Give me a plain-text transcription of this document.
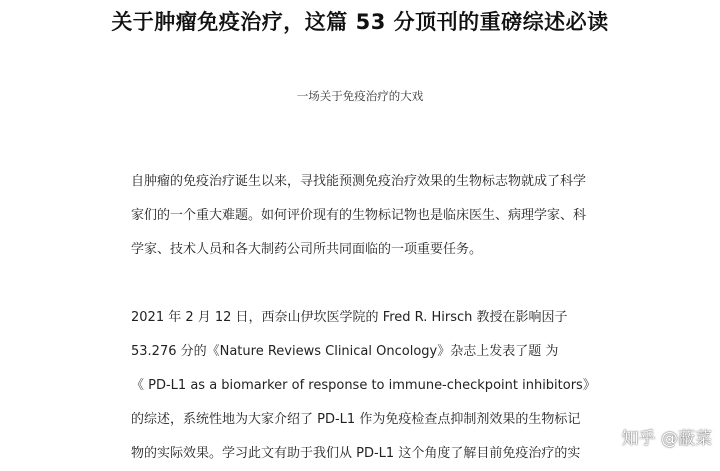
关于肿瘤免疫治疗，这篇 53 分顶刊的重磅综述必读
一场关于免疫治疗的大戏
自肿瘤的免疫治疗诞生以来，寻找能预测免疫治疗效果的生物标志物就成了科学
家们的一个重大难题。如何评价现有的生物标记物也是临床医生、病理学家、科
学家、技术人员和各大制药公司所共同面临的一项重要任务。
2021 年 2 月 12 日，西奈山伊坎医学院的 Fred R. Hirsch 教授在影响因子
53.276 分的《Nature Reviews Clinical Oncology》杂志上发表了题 为
《 PD-L1 as a biomarker of response to immune-checkpoint inhibitors》
的综述，系统性地为大家介绍了 PD-L1 作为免疫检查点抑制剂效果的生物标记
物的实际效果。学习此文有助于我们从 PD-L1 这个角度了解目前免疫治疗的实
知乎 @蔽菜
